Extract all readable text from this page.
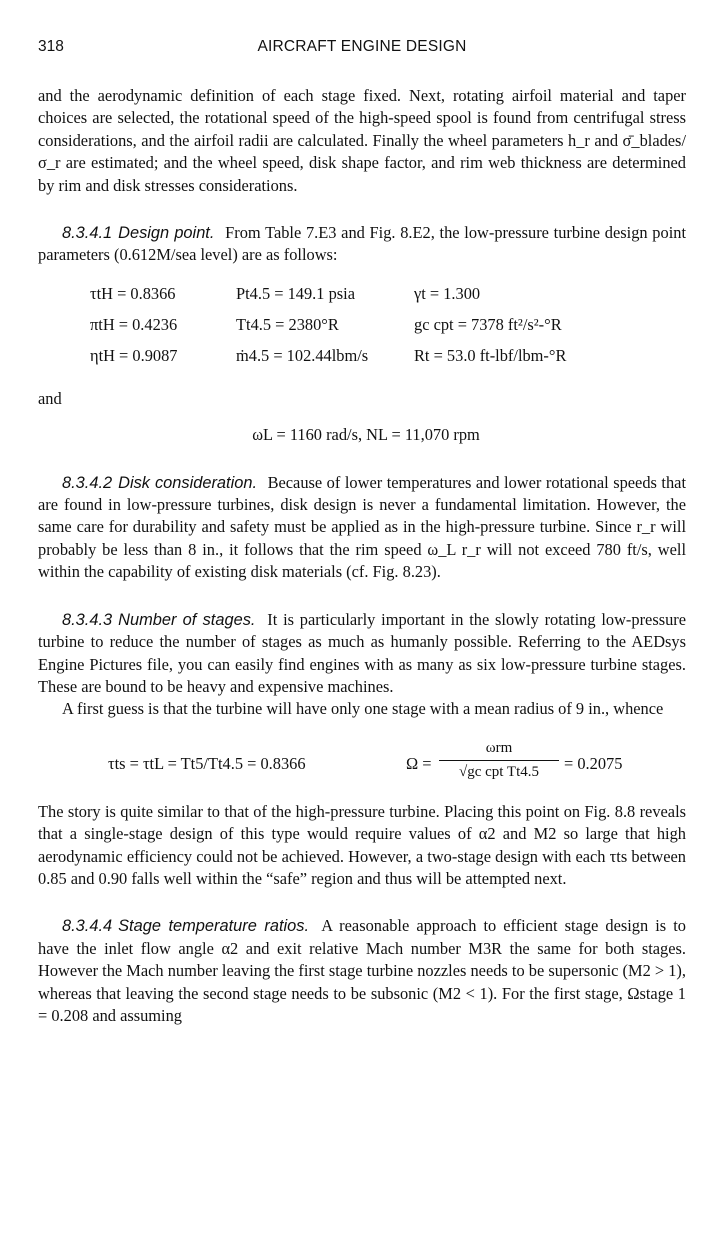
318	AIRCRAFT ENGINE DESIGN

and the aerodynamic definition of each stage fixed. Next, rotating airfoil material and taper choices are selected, the rotational speed of the high-speed spool is found from centrifugal stress considerations, and the airfoil radii are calculated. Finally the wheel parameters h_r and σ̄_blades/σ_r are estimated; and the wheel speed, disk shape factor, and rim web thickness are determined by rim and disk stresses considerations.

8.3.4.1 Design point. From Table 7.E3 and Fig. 8.E2, the low-pressure turbine design point parameters (0.612M/sea level) are as follows:

τtH = 0.8366	Pt4.5 = 149.1 psia	γt = 1.300
πtH = 0.4236	Tt4.5 = 2380°R	gc cpt = 7378 ft²/s²-°R
ηtH = 0.9087	ṁ4.5 = 102.44lbm/s	Rt = 53.0 ft-lbf/lbm-°R

and

ωL = 1160 rad/s, NL = 11,070 rpm

8.3.4.2 Disk consideration. Because of lower temperatures and lower rotational speeds that are found in low-pressure turbines, disk design is never a fundamental limitation. However, the same care for durability and safety must be applied as in the high-pressure turbine. Since r_r will probably be less than 8 in., it follows that the rim speed ω_L r_r will not exceed 780 ft/s, well within the capability of existing disk materials (cf. Fig. 8.23).

8.3.4.3 Number of stages. It is particularly important in the slowly rotating low-pressure turbine to reduce the number of stages as much as humanly possible. Referring to the AEDsys Engine Pictures file, you can easily find engines with as many as six low-pressure turbine stages. These are bound to be heavy and expensive machines.

A first guess is that the turbine will have only one stage with a mean radius of 9 in., whence

τts = τtL = Tt5/Tt4.5 = 0.8366	Ω =
ωrm
√gc cpt Tt4.5	= 0.2075

The story is quite similar to that of the high-pressure turbine. Placing this point on Fig. 8.8 reveals that a single-stage design of this type would require values of α2 and M2 so large that high aerodynamic efficiency could not be achieved. However, a two-stage design with each τts between 0.85 and 0.90 falls well within the “safe” region and thus will be attempted next.

8.3.4.4 Stage temperature ratios. A reasonable approach to efficient stage design is to have the inlet flow angle α2 and exit relative Mach number M3R the same for both stages. However the Mach number leaving the first stage turbine nozzles needs to be supersonic (M2 > 1), whereas that leaving the second stage needs to be subsonic (M2 < 1). For the first stage, Ωstage 1 = 0.208 and assuming
